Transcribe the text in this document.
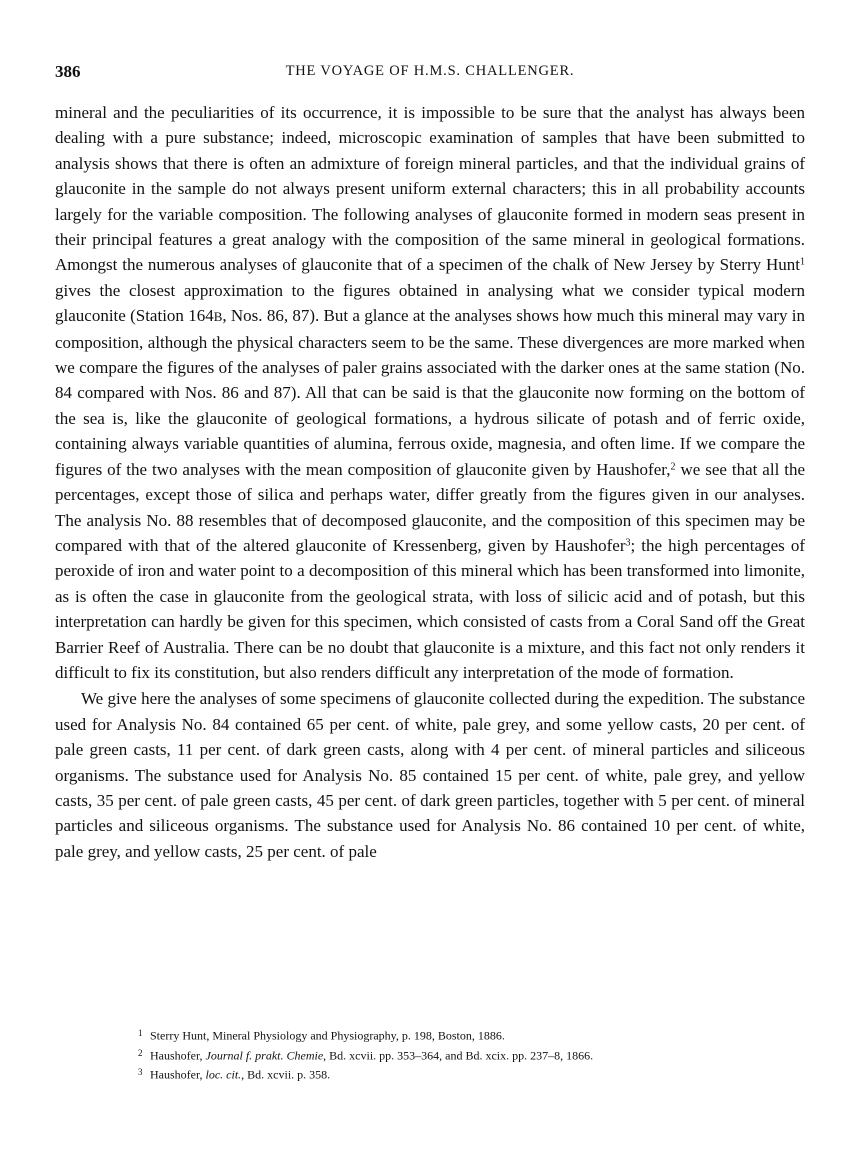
386	THE VOYAGE OF H.M.S. CHALLENGER.

mineral and the peculiarities of its occurrence, it is impossible to be sure that the analyst has always been dealing with a pure substance; indeed, microscopic examination of samples that have been submitted to analysis shows that there is often an admixture of foreign mineral particles, and that the individual grains of glauconite in the sample do not always present uniform external characters; this in all probability accounts largely for the variable composition. The following analyses of glauconite formed in modern seas present in their principal features a great analogy with the composition of the same mineral in geological formations. Amongst the numerous analyses of glauconite that of a specimen of the chalk of New Jersey by Sterry Hunt$^1$ gives the closest approximation to the figures obtained in analysing what we consider typical modern glauconite (Station 164B, Nos. 86, 87). But a glance at the analyses shows how much this mineral may vary in composition, although the physical characters seem to be the same. These divergences are more marked when we compare the figures of the analyses of paler grains associated with the darker ones at the same station (No. 84 compared with Nos. 86 and 87). All that can be said is that the glauconite now forming on the bottom of the sea is, like the glauconite of geological formations, a hydrous silicate of potash and of ferric oxide, containing always variable quantities of alumina, ferrous oxide, magnesia, and often lime. If we compare the figures of the two analyses with the mean composition of glauconite given by Haushofer,$^2$ we see that all the percentages, except those of silica and perhaps water, differ greatly from the figures given in our analyses. The analysis No. 88 resembles that of decomposed glauconite, and the composition of this specimen may be compared with that of the altered glauconite of Kressenberg, given by Haushofer$^3$; the high percentages of peroxide of iron and water point to a decomposition of this mineral which has been transformed into limonite, as is often the case in glauconite from the geological strata, with loss of silicic acid and of potash, but this interpretation can hardly be given for this specimen, which consisted of casts from a Coral Sand off the Great Barrier Reef of Australia. There can be no doubt that glauconite is a mixture, and this fact not only renders it difficult to fix its constitution, but also renders difficult any interpretation of the mode of formation.

We give here the analyses of some specimens of glauconite collected during the expedition. The substance used for Analysis No. 84 contained 65 per cent. of white, pale grey, and some yellow casts, 20 per cent. of pale green casts, 11 per cent. of dark green casts, along with 4 per cent. of mineral particles and siliceous organisms. The substance used for Analysis No. 85 contained 15 per cent. of white, pale grey, and yellow casts, 35 per cent. of pale green casts, 45 per cent. of dark green particles, together with 5 per cent. of mineral particles and siliceous organisms. The substance used for Analysis No. 86 contained 10 per cent. of white, pale grey, and yellow casts, 25 per cent. of pale

1 Sterry Hunt, Mineral Physiology and Physiography, p. 198, Boston, 1886.

2 Haushofer, Journal f. prakt. Chemie, Bd. xcvii. pp. 353–364, and Bd. xcix. pp. 237–8, 1866.

3 Haushofer, loc. cit., Bd. xcvii. p. 358.
